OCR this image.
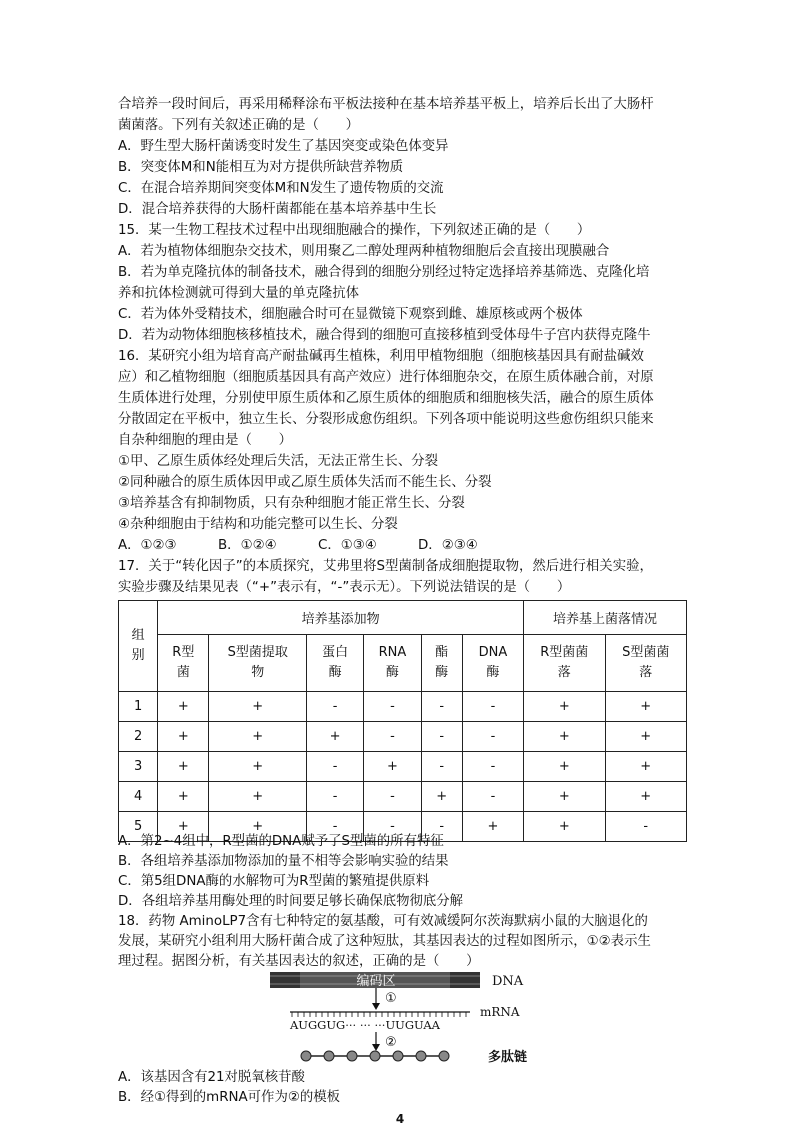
合培养一段时间后，再采用稀释涂布平板法接种在基本培养基平板上，培养后长出了大肠杆
菌菌落。下列有关叙述正确的是（　　）
A．野生型大肠杆菌诱变时发生了基因突变或染色体变异
B．突变体M和N能相互为对方提供所缺营养物质
C．在混合培养期间突变体M和N发生了遗传物质的交流
D．混合培养获得的大肠杆菌都能在基本培养基中生长
15．某一生物工程技术过程中出现细胞融合的操作，下列叙述正确的是（　　）
A．若为植物体细胞杂交技术，则用聚乙二醇处理两种植物细胞后会直接出现膜融合
B．若为单克隆抗体的制备技术，融合得到的细胞分别经过特定选择培养基筛选、克隆化培
养和抗体检测就可得到大量的单克隆抗体
C．若为体外受精技术，细胞融合时可在显微镜下观察到雌、雄原核或两个极体
D．若为动物体细胞核移植技术，融合得到的细胞可直接移植到受体母牛子宫内获得克隆牛
16．某研究小组为培育高产耐盐碱再生植株，利用甲植物细胞（细胞核基因具有耐盐碱效
应）和乙植物细胞（细胞质基因具有高产效应）进行体细胞杂交，在原生质体融合前，对原
生质体进行处理，分别使甲原生质体和乙原生质体的细胞质和细胞核失活，融合的原生质体
分散固定在平板中，独立生长、分裂形成愈伤组织。下列各项中能说明这些愈伤组织只能来
自杂种细胞的理由是（　　）
①甲、乙原生质体经处理后失活，无法正常生长、分裂
②同种融合的原生质体因甲或乙原生质体失活而不能生长、分裂
③培养基含有抑制物质，只有杂种细胞才能正常生长、分裂
④杂种细胞由于结构和功能完整可以生长、分裂
A．①②③	B．①②④	C．①③④	D．②③④
17．关于“转化因子”的本质探究，艾弗里将S型菌制备成细胞提取物，然后进行相关实验，
实验步骤及结果见表（“+”表示有，“-”表示无）。下列说法错误的是（　　）
组别	培养基添加物						培养基上菌落情况	
	R型菌	S型菌提取物	蛋白酶	RNA酶	酯酶	DNA酶	R型菌菌落	S型菌菌落
1	+	+	-	-	-	-	+	+
2	+	+	+	-	-	-	+	+
3	+	+	-	+	-	-	+	+
4	+	+	-	-	+	-	+	+
5	+	+	-	-	-	+	+	-
A．第2~4组中，R型菌的DNA赋予了S型菌的所有特征
B．各组培养基添加物添加的量不相等会影响实验的结果
C．第5组DNA酶的水解物可为R型菌的繁殖提供原料
D．各组培养基用酶处理的时间要足够长确保底物彻底分解
18．药物 AminoLP7含有七种特定的氨基酸，可有效减缓阿尔茨海默病小鼠的大脑退化的
发展，某研究小组利用大肠杆菌合成了这种短肽，其基因表达的过程如图所示，①②表示生
理过程。据图分析，有关基因表达的叙述，正确的是（　　）
编码区	DNA
①
mRNA
AUGGUG··· ··· ···UUGUAA
②
多肽链
A．该基因含有21对脱氧核苷酸
B．经①得到的mRNA可作为②的模板
4
